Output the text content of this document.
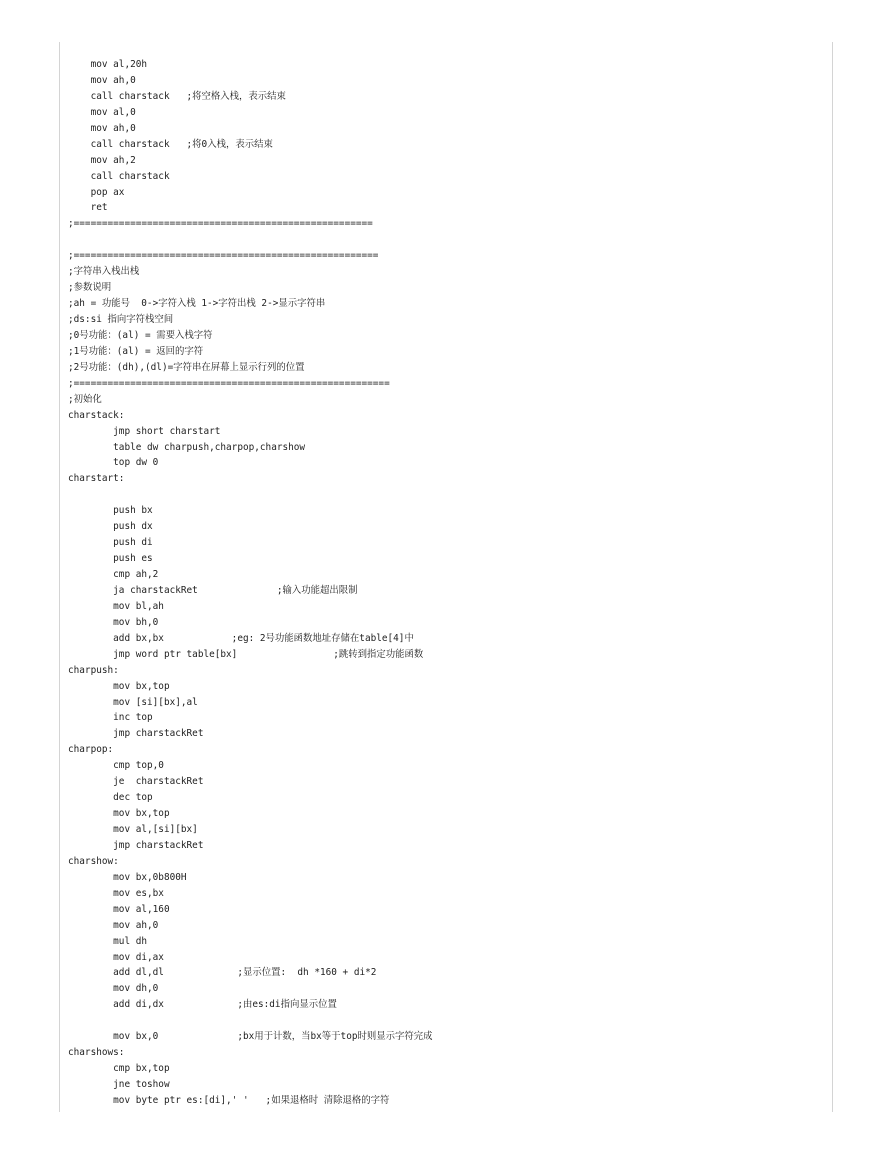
mov al,20h
mov ah,0
call charstack   ;将空格入栈，表示结束
mov al,0
mov ah,0
call charstack   ;将0入栈，表示结束
mov ah,2
call charstack
pop ax
ret
;=====================================================
;======================================================
;字符串入栈出栈
;参数说明
;ah = 功能号  0->字符入栈 1->字符出栈 2->显示字符串
;ds:si 指向字符栈空间
;0号功能：(al) = 需要入栈字符
;1号功能：(al) = 返回的字符
;2号功能：(dh),(dl)=字符串在屏幕上显示行列的位置
;========================================================
;初始化
charstack:
jmp short charstart
table dw charpush,charpop,charshow
top dw 0
charstart:
push bx
push dx
push di
push es
cmp ah,2
ja charstackRet              ;输入功能超出限制
mov bl,ah
mov bh,0
add bx,bx            ;eg: 2号功能函数地址存储在table[4]中
jmp word ptr table[bx]                 ;跳转到指定功能函数
charpush:
mov bx,top
mov [si][bx],al
inc top
jmp charstackRet
charpop:
cmp top,0
je  charstackRet
dec top
mov bx,top
mov al,[si][bx]
jmp charstackRet
charshow:
mov bx,0b800H
mov es,bx
mov al,160
mov ah,0
mul dh
mov di,ax
add dl,dl             ;显示位置:  dh *160 + di*2
mov dh,0
add di,dx             ;由es:di指向显示位置
mov bx,0              ;bx用于计数，当bx等于top时则显示字符完成
charshows:
cmp bx,top
jne toshow
mov byte ptr es:[di],' '   ;如果退格时 清除退格的字符
